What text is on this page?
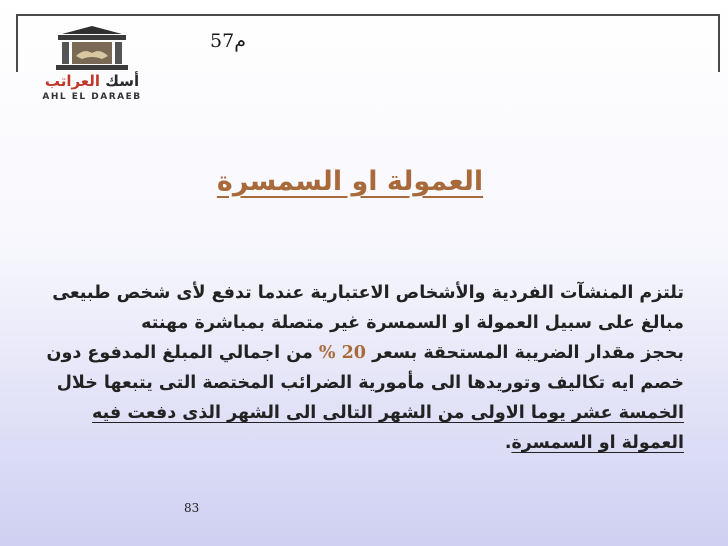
أسك العراتب
AHL EL DARAEB
م57
العمولة او السمسرة

تلتزم المنشآت الفردية والأشخاص الاعتبارية عندما تدفع لأى شخص طبيعى مبالغ على سبيل العمولة او السمسرة غير متصلة بمباشرة مهنته

بحجز مقدار الضريبة المستحقة بسعر 20 % من اجمالي المبلغ المدفوع دون خصم ايه تكاليف وتوريدها الى مأمورية الضرائب المختصة التى يتبعها خلال الخمسة عشر يوما الاولى من الشهر التالى الى الشهر الذى دفعت فيه العمولة او السمسرة.

83
